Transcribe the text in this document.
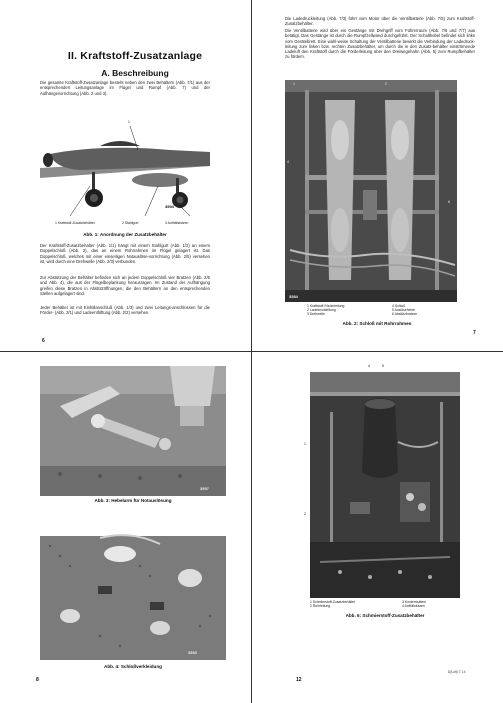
II. Kraftstoff-Zusatzanlage
A. Beschreibung
Die gesamte Kraftstoff-Zusatzanlage besteht neben den zwei Behältern (Abb. 7/1) aus der entsprechenden Leitungsanlage im Flügel und Rumpf (Abb. 7) und der Aufhängevorrichtung (Abb. 2 und 3).
1
3594
1 Kraftstoff-Zusatzbehälter	2 Stahlgurt	3 Aufhätstutzen
Abb. 1: Anordnung der Zusatzbehälter
Der Kraftstoff-Zusatzbehälter (Abb. 1/1) hängt mit einem Stahlgurt (Abb. 1/2) an einem Doppelschloß (Abb. 2), das an einem Rohrrahmen im Flügel gelagert ist. Das Doppelschloß, welches mit einer einseitigen Notauslöse-vorrichtung (Abb. 2/5) versehen ist, wird durch eine Drehwelle (Abb. 2/3) verbunden.
Zur Abstützung der Behälter befinden sich an jedem Doppelschloß vier Bratzen (Abb. 2/6 und Abb. 4), die aus der Flügelbeplankung herausragen. Im Zustand der Aufhängung greifen diese Bratzen in Abstützöffnungen, die den Behältern an den entsprechenden Stellen aufgelagert sind.
Jeder Behälter ist mit Einfüllanschluß (Abb. 1/3) und zwei Leitungs-anschlüssen für die Förder- (Abb. 2/1) und Ladeentlüftung (Abb. 2/2) versehen.
6
Die Ladedruckleitung (Abb. 7/3) führt vom Motor über die Ventilbatterie (Abb. 7/5) zum Kraftstoff-Zusatzbehälter.
Die Ventilbatterie wird über ein Gestänge mit Drehgriff vom Führerraum (Abb. 7/6 und 7/7) aus betätigt. Das Gestänge ist durch die Rumpfzellwand durchgeführt. Der Schalthebel befindet sich links vom Gerätebrett. Eine wahl-weise Schaltung der Ventilbatterie bewirkt die Verbindung der Ladedruck-leitung zum linken bzw. rechten Zusatzbehälter, um durch die in den Zusatz-behälter einströmende Ladeluft den Kraftstoff durch die Förderleitung über den Dreiwegehahn (Abb. 5) zum Rumpfbehälter zu fördern.
1	2
4
6
3584
1 Kraftstoff-Förderleitung
2 Ladedruckleitung
3 Drehwelle
4 Schloß
5 Auslösehebel
6 Abstützbratzen
Abb. 2: Schloß mit Rohrrahmen
7
3597
Abb. 3: Hebelarm für Notauslösung
3593
Abb. 4: Schloßverkleidung
8
4	5
1
2
1 Schmierstoff-Zusatzbehälter
2 Rohrleitung
3 Kontermuttern
4 Auffüllstutzen
Abb. 6: Schmierstoff-Zusatzbehälter
D(Luft) T. 14
12
